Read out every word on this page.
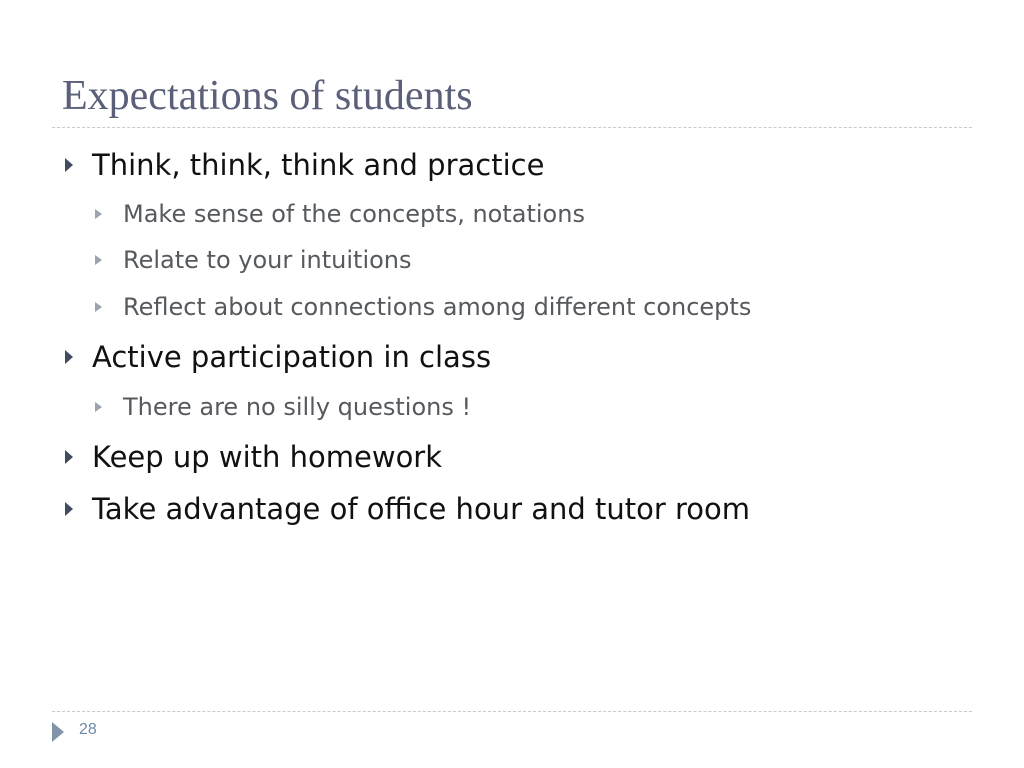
Expectations of students
Think, think, think and practice
Make sense of the concepts, notations
Relate to your intuitions
Reflect about connections among different concepts
Active participation in class
There are no silly questions !
Keep up with homework
Take advantage of office hour and tutor room
28
